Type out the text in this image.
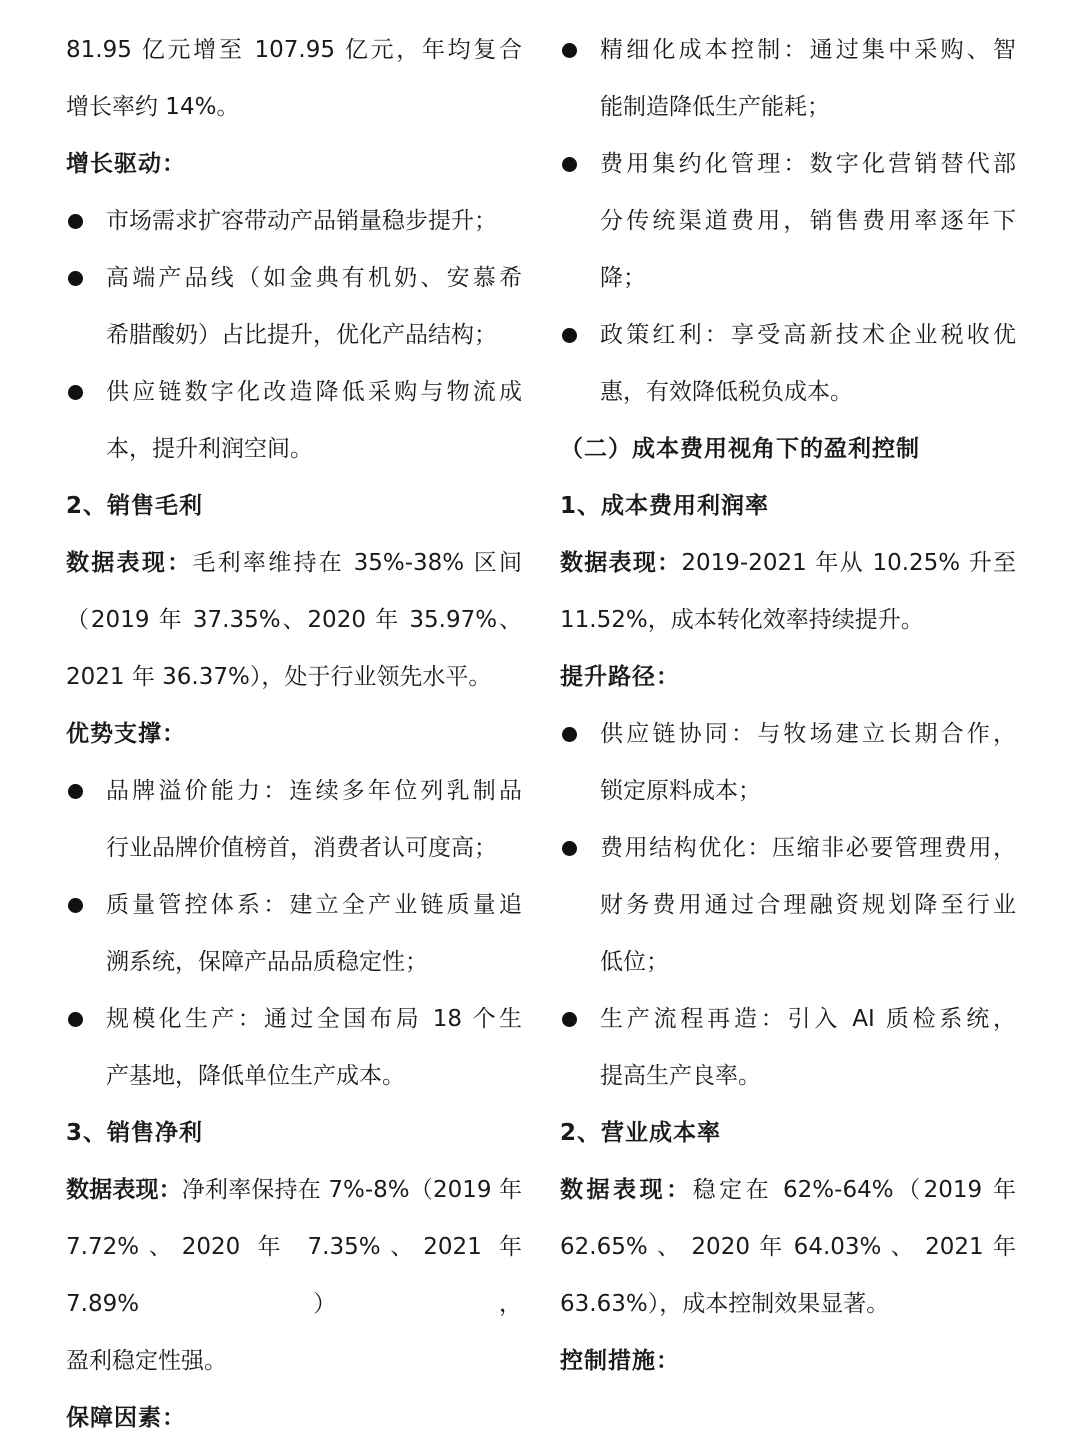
81.95 亿元增至 107.95 亿元，年均复合
增长率约 14%。

增长驱动：

市场需求扩容带动产品销量稳步提升；
高端产品线（如金典有机奶、安慕希
希腊酸奶）占比提升，优化产品结构；
供应链数字化改造降低采购与物流成
本，提升利润空间。

2、销售毛利

数据表现：毛利率维持在 35%-38% 区间
（2019 年 37.35%、2020 年 35.97%、
2021 年 36.37%），处于行业领先水平。

优势支撑：

品牌溢价能力：连续多年位列乳制品
行业品牌价值榜首，消费者认可度高；
质量管控体系：建立全产业链质量追
溯系统，保障产品品质稳定性；
规模化生产：通过全国布局 18 个生
产基地，降低单位生产成本。

3、销售净利

数据表现：净利率保持在 7%-8%（2019 年
7.72%、2020 年 7.35%、2021 年 7.89%），
盈利稳定性强。

保障因素：

精细化成本控制：通过集中采购、智
能制造降低生产能耗；
费用集约化管理：数字化营销替代部
分传统渠道费用，销售费用率逐年下
降；
政策红利：享受高新技术企业税收优
惠，有效降低税负成本。

（二）成本费用视角下的盈利控制

1、成本费用利润率

数据表现：2019-2021 年从 10.25% 升至
11.52%，成本转化效率持续提升。

提升路径：

供应链协同：与牧场建立长期合作，
锁定原料成本；
费用结构优化：压缩非必要管理费用，
财务费用通过合理融资规划降至行业
低位；
生产流程再造：引入 AI 质检系统，
提高生产良率。

2、营业成本率

数据表现：稳定在 62%-64%（2019 年
62.65% 、 2020 年 64.03% 、 2021 年
63.63%），成本控制效果显著。

控制措施：
